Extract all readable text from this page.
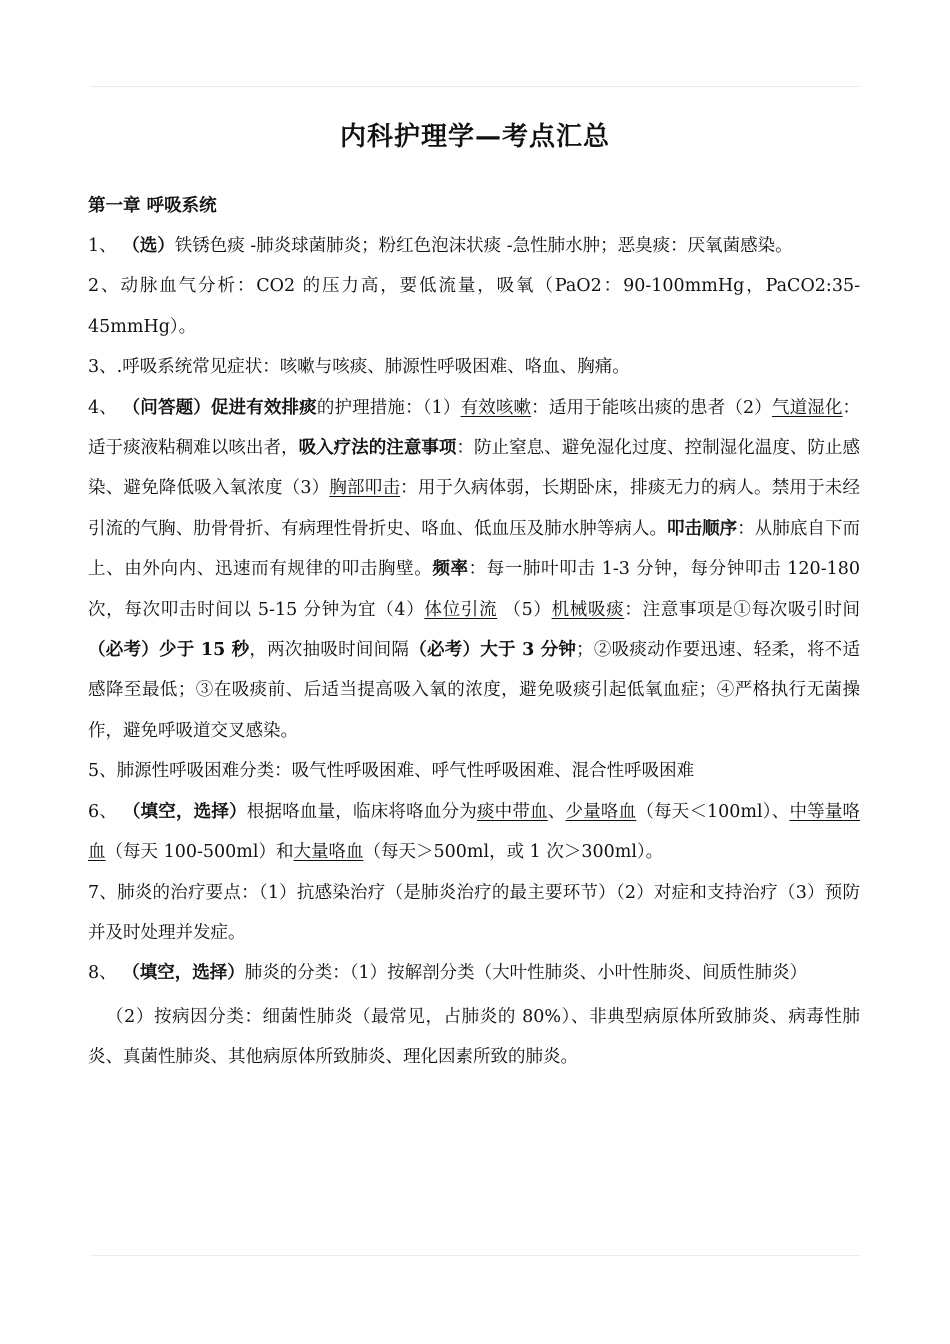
内科护理学—考点汇总

第一章 呼吸系统

1、 （选）铁锈色痰 -肺炎球菌肺炎；粉红色泡沫状痰 -急性肺水肿；恶臭痰：厌氧菌感染。

2、动脉血气分析：CO2 的压力高，要低流量，吸氧（PaO2：90-100mmHg，PaCO2:35-45mmHg）。

3、.呼吸系统常见症状：咳嗽与咳痰、肺源性呼吸困难、咯血、胸痛。

4、 （问答题）促进有效排痰的护理措施：（1）有效咳嗽：适用于能咳出痰的患者（2）气道湿化：适于痰液粘稠难以咳出者，吸入疗法的注意事项：防止窒息、避免湿化过度、控制湿化温度、防止感染、避免降低吸入氧浓度（3）胸部叩击：用于久病体弱，长期卧床，排痰无力的病人。禁用于未经引流的气胸、肋骨骨折、有病理性骨折史、咯血、低血压及肺水肿等病人。叩击顺序：从肺底自下而上、由外向内、迅速而有规律的叩击胸壁。频率：每一肺叶叩击 1-3 分钟，每分钟叩击 120-180 次，每次叩击时间以 5-15 分钟为宜（4）体位引流 （5）机械吸痰：注意事项是①每次吸引时间（必考）少于 15 秒，两次抽吸时间间隔（必考）大于 3 分钟；②吸痰动作要迅速、轻柔，将不适感降至最低；③在吸痰前、后适当提高吸入氧的浓度，避免吸痰引起低氧血症；④严格执行无菌操作，避免呼吸道交叉感染。

5、肺源性呼吸困难分类：吸气性呼吸困难、呼气性呼吸困难、混合性呼吸困难

6、 （填空，选择）根据咯血量，临床将咯血分为痰中带血、少量咯血（每天＜100ml）、中等量咯血（每天 100-500ml）和大量咯血（每天＞500ml，或 1 次＞300ml）。

7、肺炎的治疗要点：（1）抗感染治疗（是肺炎治疗的最主要环节）（2）对症和支持治疗（3）预防并及时处理并发症。

8、 （填空，选择）肺炎的分类：（1）按解剖分类（大叶性肺炎、小叶性肺炎、间质性肺炎）

（2）按病因分类：细菌性肺炎（最常见，占肺炎的 80%）、非典型病原体所致肺炎、病毒性肺炎、真菌性肺炎、其他病原体所致肺炎、理化因素所致的肺炎。
